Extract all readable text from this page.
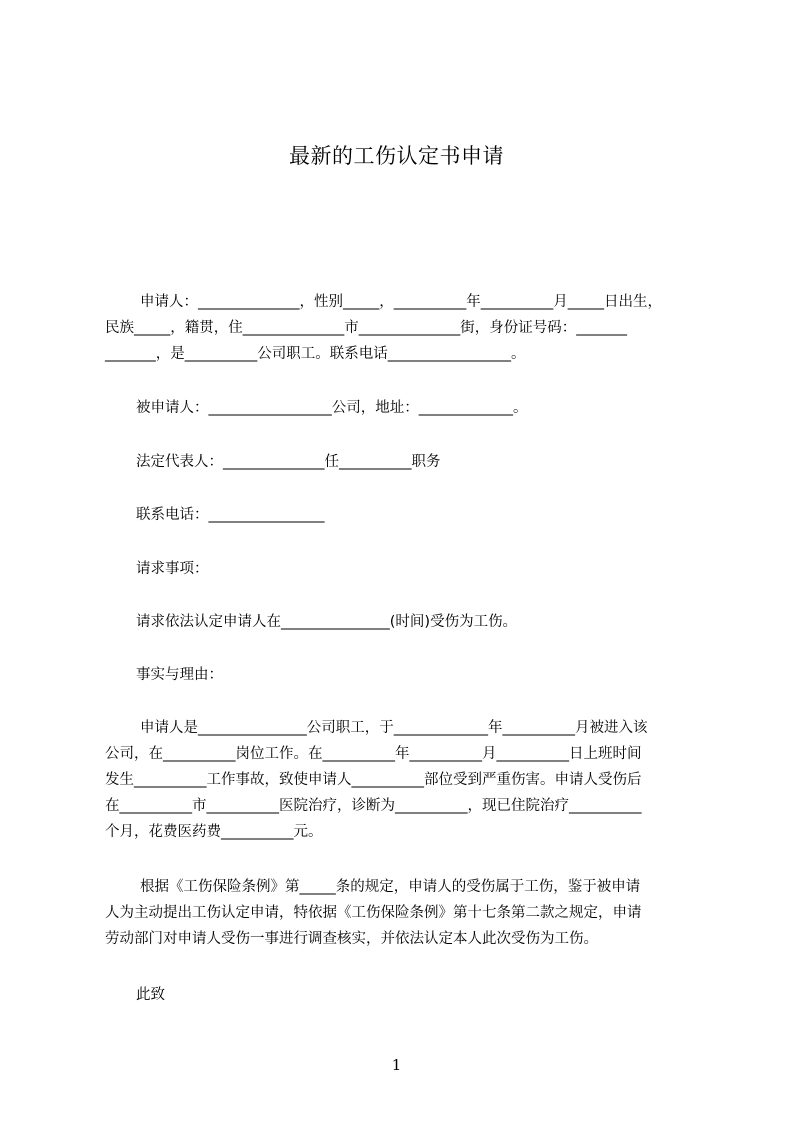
最新的工伤认定书申请
申请人：______________，性别_____，__________年__________月_____日出生，
民族_____，籍贯，住______________市______________街，身份证号码：_______
_______，是__________公司职工。联系电话_________________。
被申请人：_________________公司，地址：_____________。
法定代表人：______________任__________职务
联系电话：________________
请求事项：
请求依法认定申请人在_______________(时间)受伤为工伤。
事实与理由：
申请人是_______________公司职工，于_____________年__________月被进入该
公司，在__________岗位工作。在__________年__________月__________日上班时间
发生__________工作事故，致使申请人__________部位受到严重伤害。申请人受伤后
在__________市__________医院治疗，诊断为__________，现已住院治疗__________
个月，花费医药费__________元。
根据《工伤保险条例》第_____条的规定，申请人的受伤属于工伤，鉴于被申请
人为主动提出工伤认定申请，特依据《工伤保险条例》第十七条第二款之规定，申请
劳动部门对申请人受伤一事进行调查核实，并依法认定本人此次受伤为工伤。
此致
1
